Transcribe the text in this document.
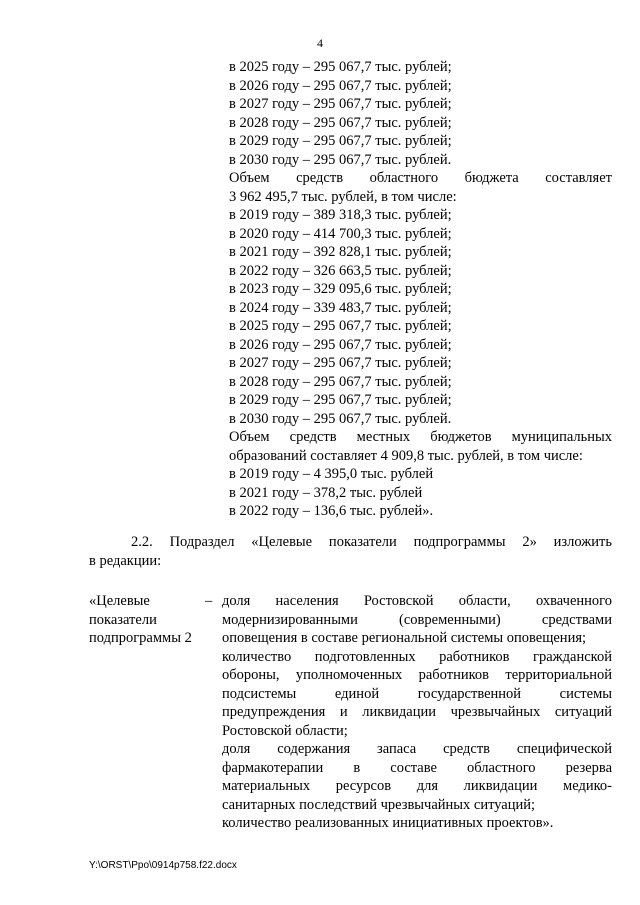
4
в 2025 году – 295 067,7 тыс. рублей;
в 2026 году – 295 067,7 тыс. рублей;
в 2027 году – 295 067,7 тыс. рублей;
в 2028 году – 295 067,7 тыс. рублей;
в 2029 году – 295 067,7 тыс. рублей;
в 2030 году – 295 067,7 тыс. рублей.
Объем средств областного бюджета составляет
3 962 495,7 тыс. рублей, в том числе:
в 2019 году – 389 318,3 тыс. рублей;
в 2020 году – 414 700,3 тыс. рублей;
в 2021 году – 392 828,1 тыс. рублей;
в 2022 году – 326 663,5 тыс. рублей;
в 2023 году – 329 095,6 тыс. рублей;
в 2024 году – 339 483,7 тыс. рублей;
в 2025 году – 295 067,7 тыс. рублей;
в 2026 году – 295 067,7 тыс. рублей;
в 2027 году – 295 067,7 тыс. рублей;
в 2028 году – 295 067,7 тыс. рублей;
в 2029 году – 295 067,7 тыс. рублей;
в 2030 году – 295 067,7 тыс. рублей.
Объем средств местных бюджетов муниципальных
образований составляет 4 909,8 тыс. рублей, в том числе:
в 2019 году – 4 395,0 тыс. рублей
в 2021 году – 378,2 тыс. рублей
в 2022 году – 136,6 тыс. рублей».
2.2. Подраздел «Целевые показатели подпрограммы 2» изложить
в редакции:
«Целевые
показатели
подпрограммы 2
– доля населения Ростовской области, охваченного
модернизированными (современными) средствами
оповещения в составе региональной системы оповещения;
количество подготовленных работников гражданской
обороны, уполномоченных работников территориальной
подсистемы единой государственной системы
предупреждения и ликвидации чрезвычайных ситуаций
Ростовской области;
доля содержания запаса средств специфической
фармакотерапии в составе областного резерва
материальных ресурсов для ликвидации медико-
санитарных последствий чрезвычайных ситуаций;
количество реализованных инициативных проектов».
Y:\ORST\Ppo\0914p758.f22.docx
